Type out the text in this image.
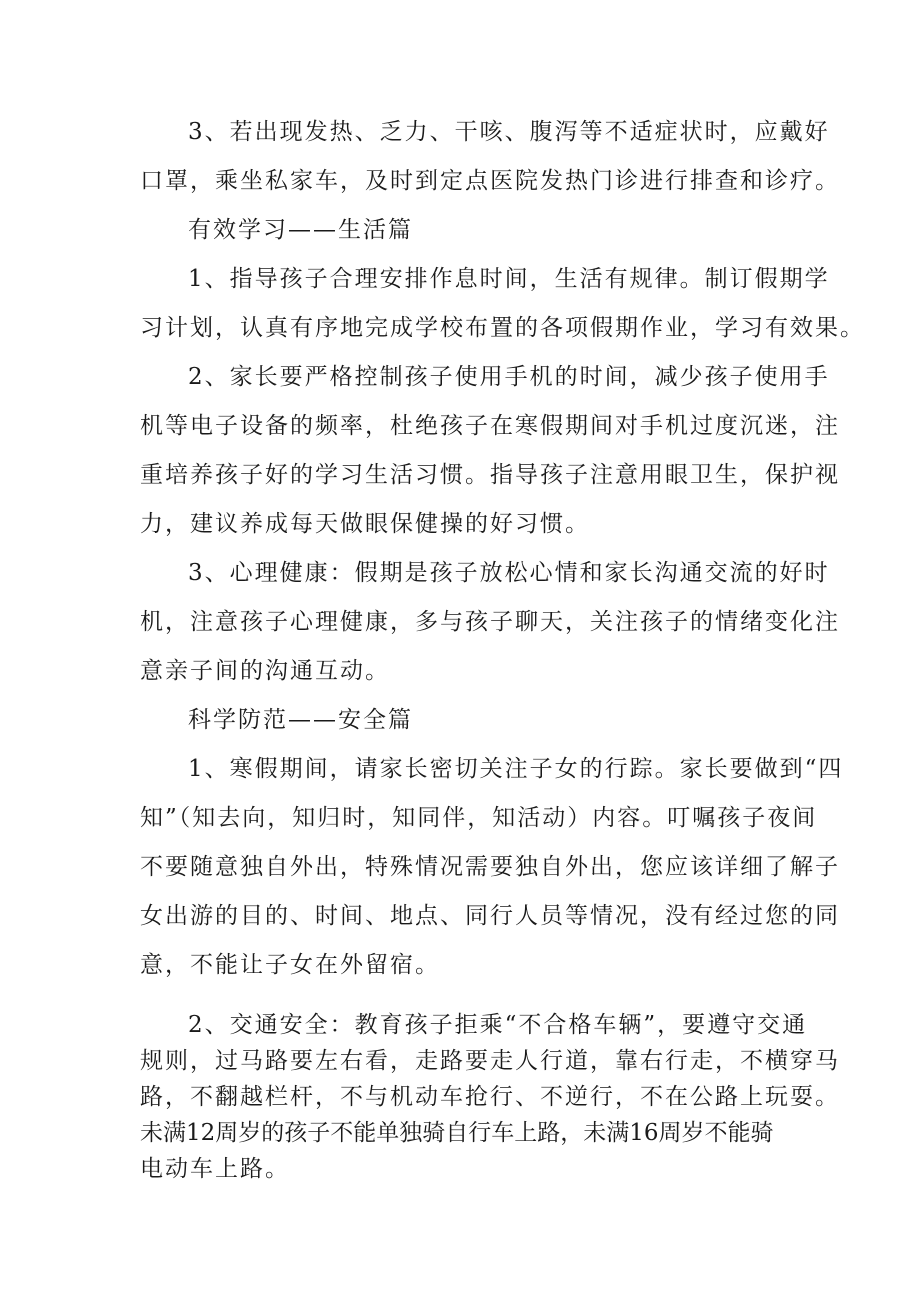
3、若出现发热、乏力、干咳、腹泻等不适症状时，应戴好
口罩，乘坐私家车，及时到定点医院发热门诊进行排查和诊疗。
有效学习——生活篇
1、指导孩子合理安排作息时间，生活有规律。制订假期学
习计划，认真有序地完成学校布置的各项假期作业，学习有效果。
2、家长要严格控制孩子使用手机的时间，减少孩子使用手
机等电子设备的频率，杜绝孩子在寒假期间对手机过度沉迷，注
重培养孩子好的学习生活习惯。指导孩子注意用眼卫生，保护视
力，建议养成每天做眼保健操的好习惯。
3、心理健康：假期是孩子放松心情和家长沟通交流的好时
机，注意孩子心理健康，多与孩子聊天，关注孩子的情绪变化注
意亲子间的沟通互动。
科学防范——安全篇
1、寒假期间，请家长密切关注子女的行踪。家长要做到“四
知”（知去向，知归时，知同伴，知活动）内容。叮嘱孩子夜间
不要随意独自外出，特殊情况需要独自外出，您应该详细了解子
女出游的目的、时间、地点、同行人员等情况，没有经过您的同
意，不能让子女在外留宿。
2、交通安全：教育孩子拒乘“不合格车辆”，要遵守交通
规则，过马路要左右看，走路要走人行道，靠右行走，不横穿马
路，不翻越栏杆，不与机动车抢行、不逆行，不在公路上玩耍。
未满12周岁的孩子不能单独骑自行车上路，未满16周岁不能骑
电动车上路。
